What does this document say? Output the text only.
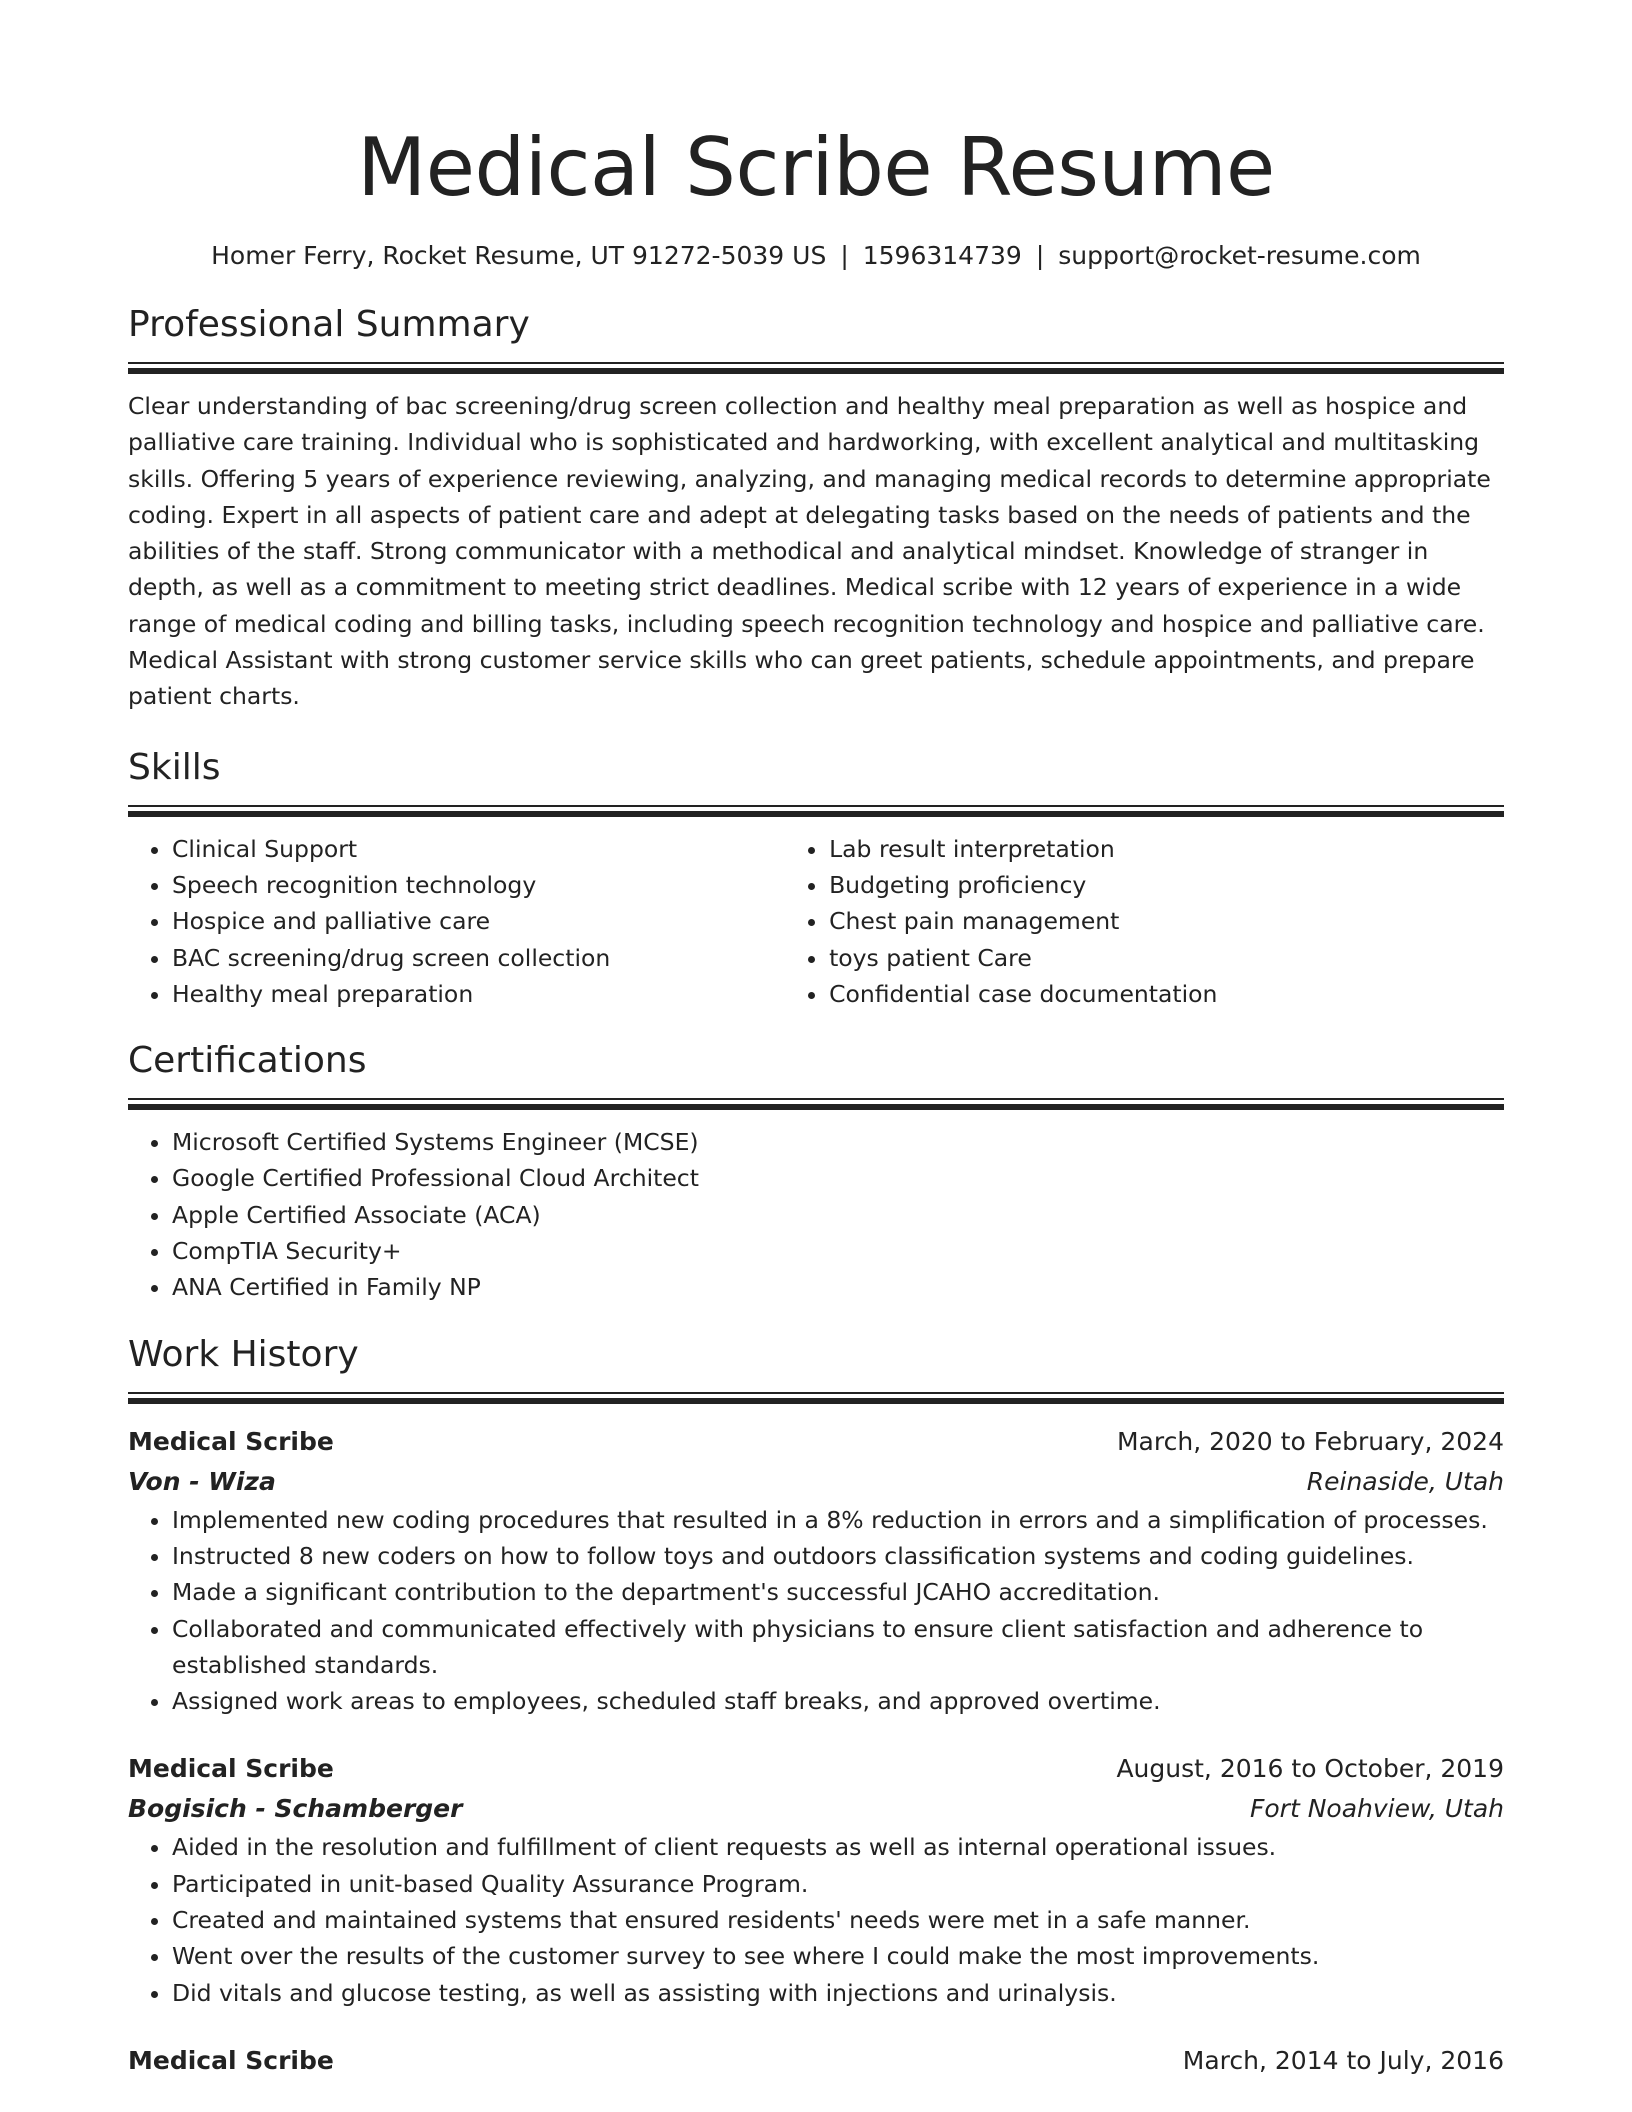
Medical Scribe Resume
Homer Ferry, Rocket Resume, UT 91272-5039 US | 1596314739 | support@rocket-resume.com
Professional Summary

Clear understanding of bac screening/drug screen collection and healthy meal preparation as well as hospice and palliative care training. Individual who is sophisticated and hardworking, with excellent analytical and multitasking skills. Offering 5 years of experience reviewing, analyzing, and managing medical records to determine appropriate coding. Expert in all aspects of patient care and adept at delegating tasks based on the needs of patients and the abilities of the staff. Strong communicator with a methodical and analytical mindset. Knowledge of stranger in depth, as well as a commitment to meeting strict deadlines. Medical scribe with 12 years of experience in a wide range of medical coding and billing tasks, including speech recognition technology and hospice and palliative care. Medical Assistant with strong customer service skills who can greet patients, schedule appointments, and prepare patient charts.

Skills
• Clinical Support
• Speech recognition technology
• Hospice and palliative care
• BAC screening/drug screen collection
• Healthy meal preparation
• Lab result interpretation
• Budgeting proficiency
• Chest pain management
• toys patient Care
• Confidential case documentation
Certifications
• Microsoft Certified Systems Engineer (MCSE)
• Google Certified Professional Cloud Architect
• Apple Certified Associate (ACA)
• CompTIA Security+
• ANA Certified in Family NP
Work History
Medical Scribe	March, 2020 to February, 2024
Von - Wiza	Reinaside, Utah
• Implemented new coding procedures that resulted in a 8% reduction in errors and a simplification of processes.
• Instructed 8 new coders on how to follow toys and outdoors classification systems and coding guidelines.
• Made a significant contribution to the department's successful JCAHO accreditation.
• Collaborated and communicated effectively with physicians to ensure client satisfaction and adherence to established standards.
• Assigned work areas to employees, scheduled staff breaks, and approved overtime.
Medical Scribe	August, 2016 to October, 2019
Bogisich - Schamberger	Fort Noahview, Utah
• Aided in the resolution and fulfillment of client requests as well as internal operational issues.
• Participated in unit-based Quality Assurance Program.
• Created and maintained systems that ensured residents' needs were met in a safe manner.
• Went over the results of the customer survey to see where I could make the most improvements.
• Did vitals and glucose testing, as well as assisting with injections and urinalysis.
Medical Scribe	March, 2014 to July, 2016
